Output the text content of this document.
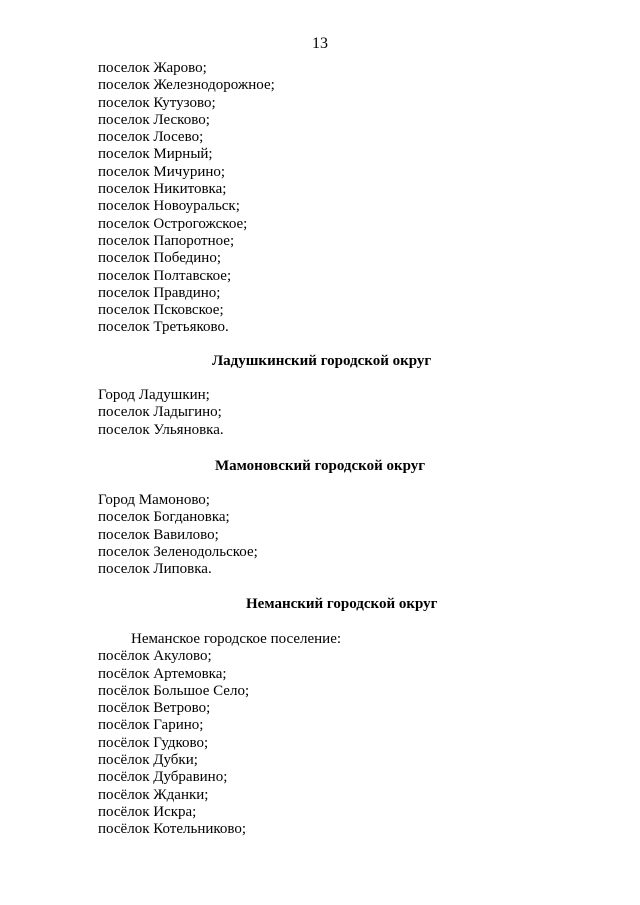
13
поселок Жарово;
поселок Железнодорожное;
поселок Кутузово;
поселок Лесково;
поселок Лосево;
поселок Мирный;
поселок Мичурино;
поселок Никитовка;
поселок Новоуральск;
поселок Острогожское;
поселок Папоротное;
поселок Победино;
поселок Полтавское;
поселок Правдино;
поселок Псковское;
поселок Третьяково.
Ладушкинский городской округ
Город Ладушкин;
поселок Ладыгино;
поселок Ульяновка.
Мамоновский городской округ
Город Мамоново;
поселок Богдановка;
поселок Вавилово;
поселок Зеленодольское;
поселок Липовка.
Неманский городской округ
Неманское городское поселение:
посёлок Акулово;
посёлок Артемовка;
посёлок Большое Село;
посёлок Ветрово;
посёлок Гарино;
посёлок Гудково;
посёлок Дубки;
посёлок Дубравино;
посёлок Жданки;
посёлок Искра;
посёлок Котельниково;
